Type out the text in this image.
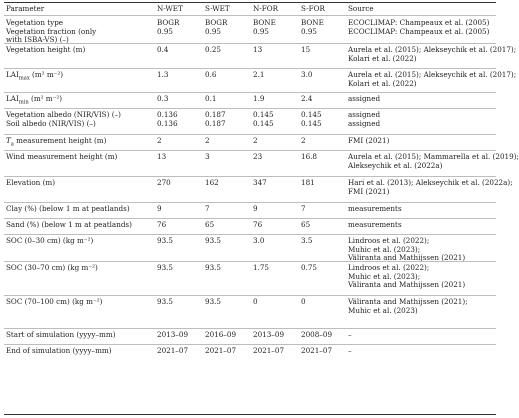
Parameter	N-WET	S-WET	N-FOR	S-FOR	Source
Vegetation type	BOGR	BOGR	BONE	BONE	ECOCLIMAP: Champeaux et al. (2005)
Vegetation fraction (only	0.95	0.95	0.95	0.95	ECOCLIMAP: Champeaux et al. (2005)
with ISBA-VS) (–)
Vegetation height (m)	0.4	0.25	13	15	Aurela et al. (2015); Alekseychik et al. (2017);
Kolari et al. (2022)
$LAI_{max}$ (m² m⁻²)	1.3	0.6	2.1	3.0	Aurela et al. (2015); Alekseychik et al. (2017);
Kolari et al. (2022)
$LAI_{min}$ (m² m⁻²)	0.3	0.1	1.9	2.4	assigned
Vegetation albedo (NIR/VIS) (–)	0.136	0.187	0.145	0.145	assigned
Soil albedo (NIR/VIS) (–)	0.136	0.187	0.145	0.145	assigned
$T_a$ measurement height (m)	2	2	2	2	FMI (2021)
Wind measurement height (m)	13	3	23	16.8	Aurela et al. (2015); Mammarella et al. (2019);
Alekseychik et al. (2022a)
Elevation (m)	270	162	347	181	Hari et al. (2013); Alekseychik et al. (2022a);
FMI (2021)
Clay (%) (below 1 m at peatlands)	9	7	9	7	measurements
Sand (%) (below 1 m at peatlands)	76	65	76	65	measurements
SOC (0–30 cm) (kg m⁻²)	93.5	93.5	3.0	3.5	Lindroos et al. (2022);
Muhic et al. (2023);
Väliranta and Mathijssen (2021)
SOC (30–70 cm) (kg m⁻²)	93.5	93.5	1.75	0.75	Lindroos et al. (2022);
Muhic et al. (2023);
Väliranta and Mathijssen (2021)
SOC (70–100 cm) (kg m⁻²)	93.5	93.5	0	0	Väliranta and Mathijssen (2021);
Muhic et al. (2023)
Start of simulation (yyyy–mm)	2013–09 2016–09 2013–09 2008–09 –
End of simulation (yyyy–mm)	2021–07 2021–07 2021–07 2021–07 –
